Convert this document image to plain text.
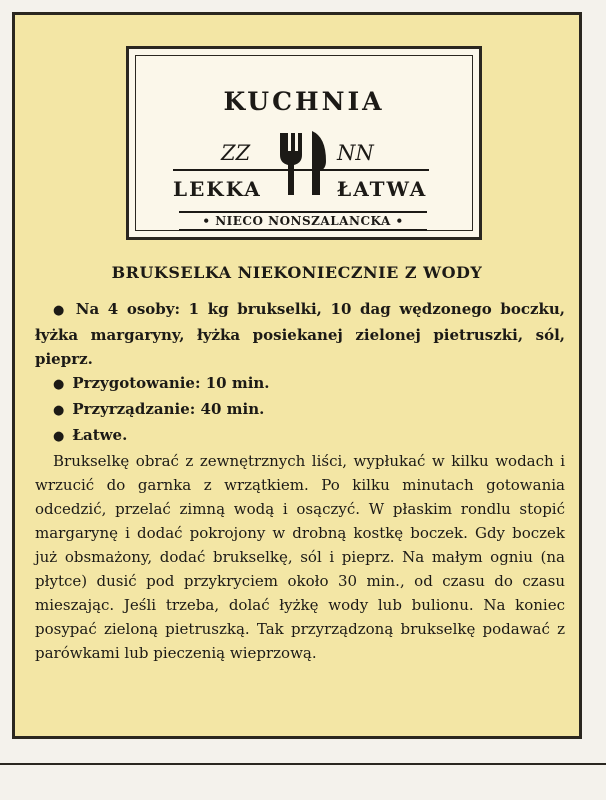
KUCHNIA
ZZ	NN
LEKKA	ŁATWA
• NIECO NONSZALANCKA •
BRUKSELKA NIEKONIECZNIE Z WODY

● Na 4 osoby: 1 kg brukselki, 10 dag wędzonego boczku, łyżka margaryny, łyżka posiekanej zielonej pietruszki, sól, pieprz.

● Przygotowanie: 10 min.

● Przyrządzanie: 40 min.

● Łatwe.

Brukselkę obrać z zewnętrznych liści, wypłukać w kilku wodach i wrzucić do garnka z wrzątkiem. Po kilku minutach gotowania odcedzić, przelać zimną wodą i osączyć. W płaskim rondlu stopić margarynę i dodać pokrojony w drobną kostkę boczek. Gdy boczek już obsmażony, dodać brukselkę, sól i pieprz. Na małym ogniu (na płytce) dusić pod przykryciem około 30 min., od czasu do czasu mieszając. Jeśli trzeba, dolać łyżkę wody lub bulionu. Na koniec posypać zieloną pietruszką. Tak przyrządzoną brukselkę podawać z parówkami lub pieczenią wieprzową.
